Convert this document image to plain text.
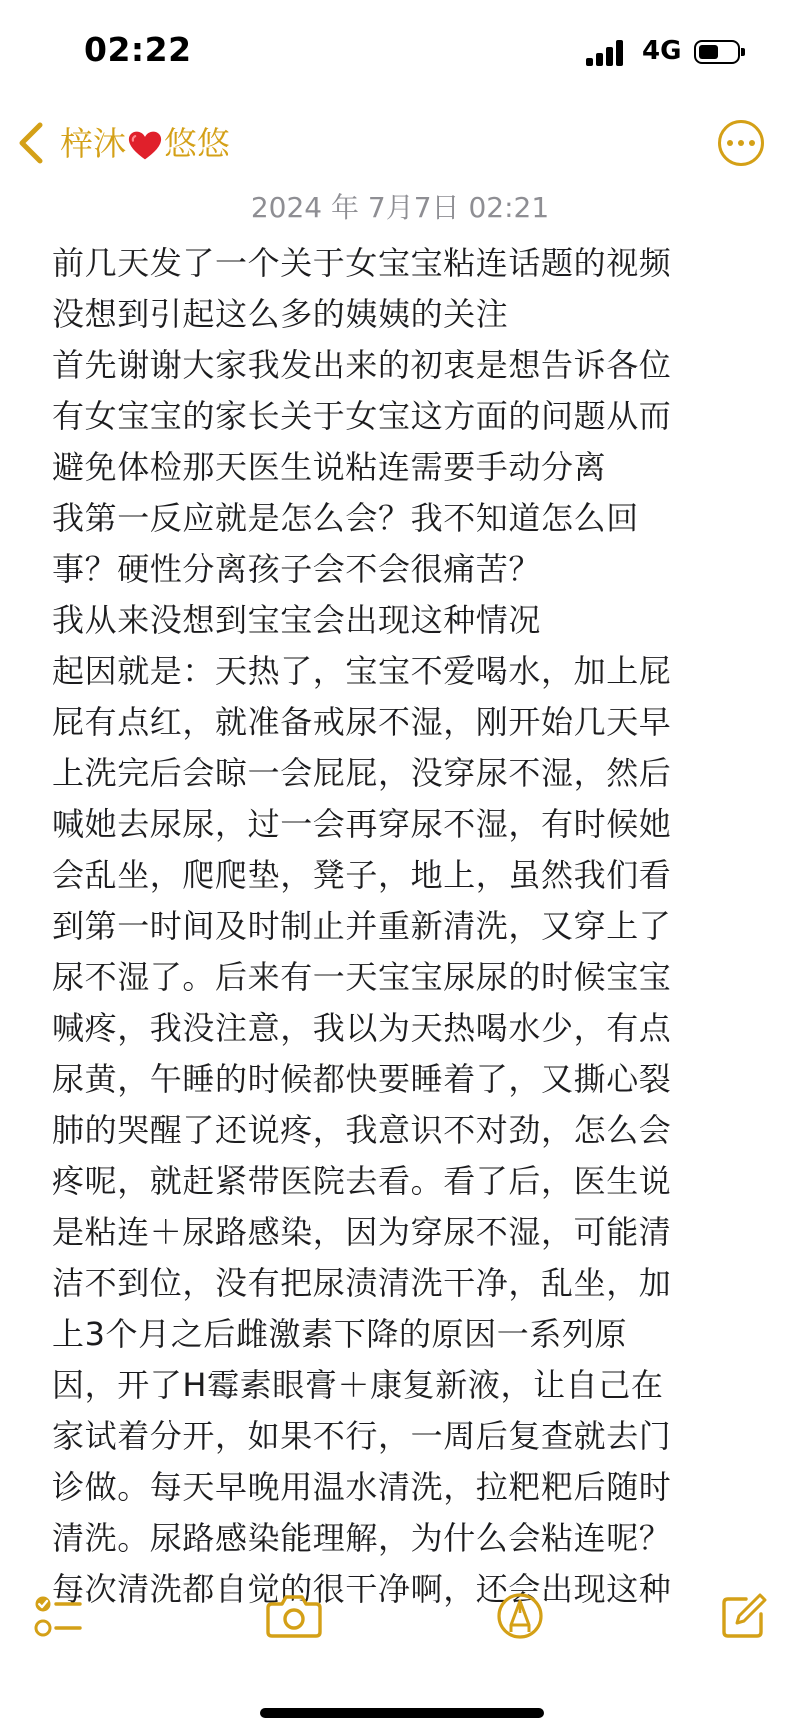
02:22	4G
梓沐 悠悠
2024 年 7月7日 02:21

前几天发了一个关于女宝宝粘连话题的视频

没想到引起这么多的姨姨的关注

首先谢谢大家我发出来的初衷是想告诉各位

有女宝宝的家长关于女宝这方面的问题从而

避免体检那天医生说粘连需要手动分离

我第一反应就是怎么会？我不知道怎么回

事？硬性分离孩子会不会很痛苦？

我从来没想到宝宝会出现这种情况

起因就是：天热了，宝宝不爱喝水，加上屁

屁有点红，就准备戒尿不湿，刚开始几天早

上洗完后会晾一会屁屁，没穿尿不湿，然后

喊她去尿尿，过一会再穿尿不湿，有时候她

会乱坐，爬爬垫，凳子，地上，虽然我们看

到第一时间及时制止并重新清洗，又穿上了

尿不湿了。后来有一天宝宝尿尿的时候宝宝

喊疼，我没注意，我以为天热喝水少，有点

尿黄，午睡的时候都快要睡着了，又撕心裂

肺的哭醒了还说疼，我意识不对劲，怎么会

疼呢，就赶紧带医院去看。看了后，医生说

是粘连＋尿路感染，因为穿尿不湿，可能清

洁不到位，没有把尿渍清洗干净，乱坐，加

上3个月之后雌激素下降的原因一系列原

因，开了H霉素眼膏＋康复新液，让自己在

家试着分开，如果不行，一周后复查就去门

诊做。每天早晚用温水清洗，拉粑粑后随时

清洗。尿路感染能理解，为什么会粘连呢？

每次清洗都自觉的很干净啊，还会出现这种
